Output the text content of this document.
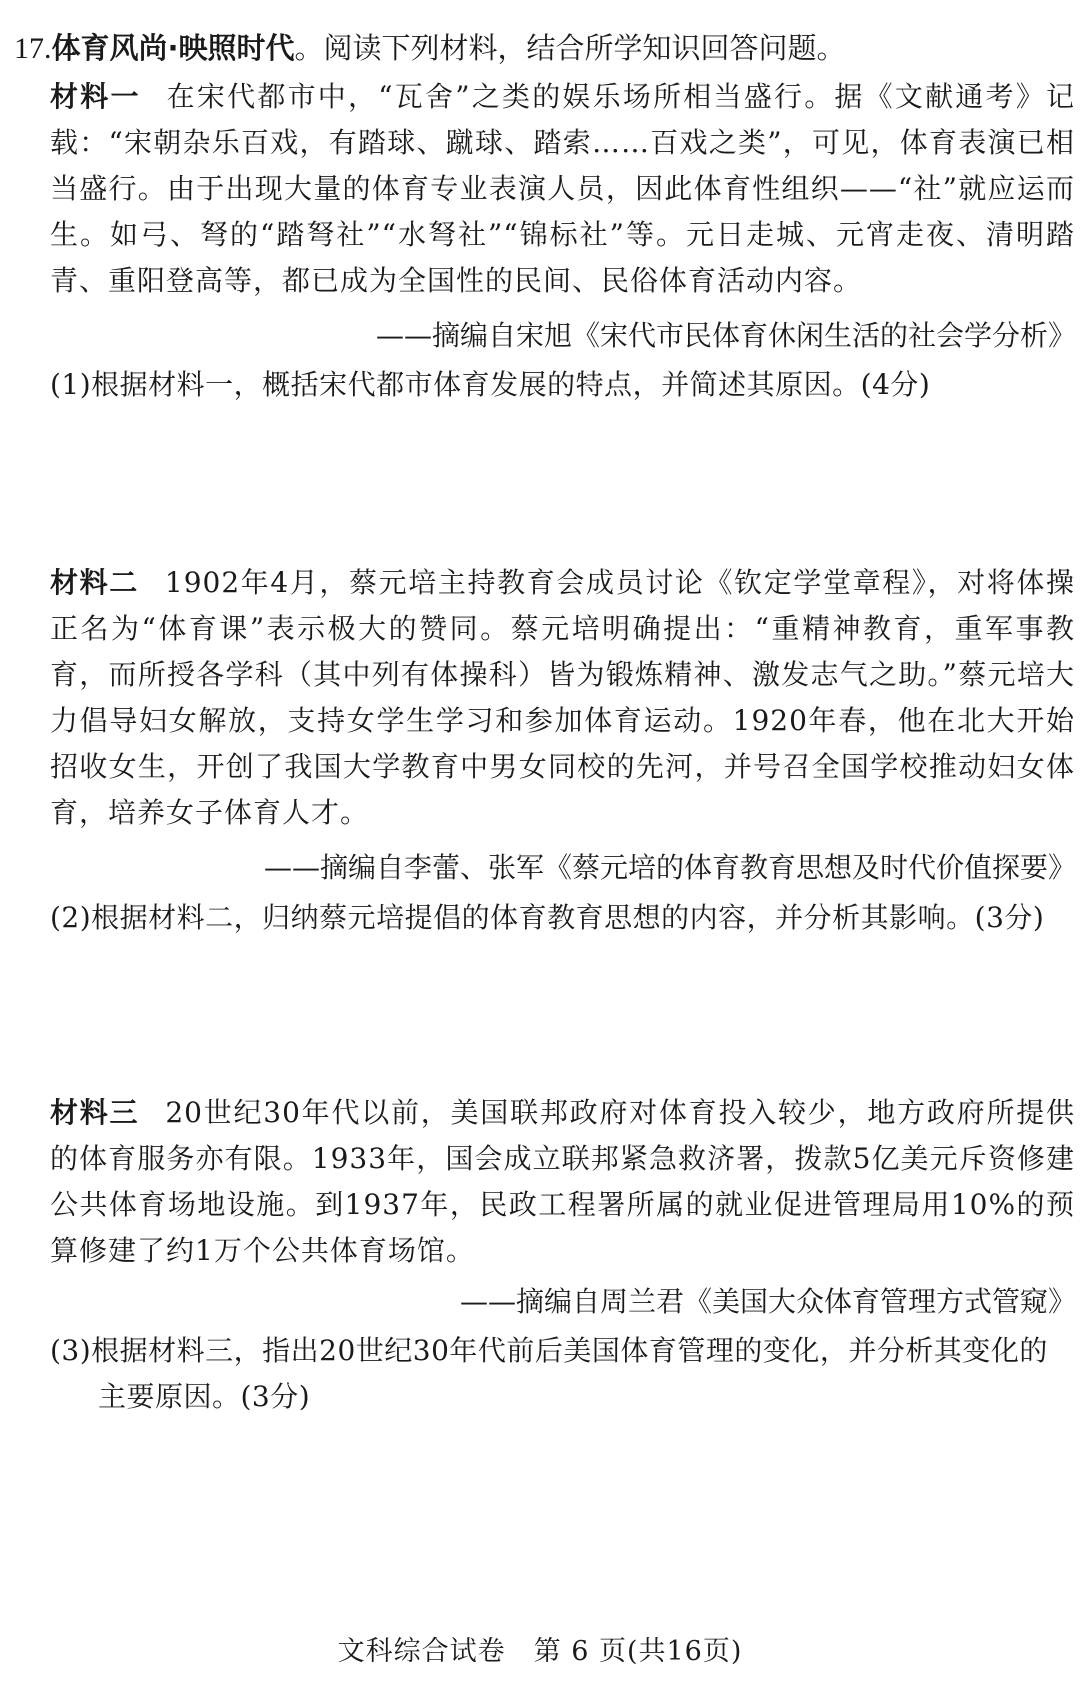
17.体育风尚·映照时代。阅读下列材料，结合所学知识回答问题。
材料一 在宋代都市中，“瓦舍”之类的娱乐场所相当盛行。据《文献通考》记载：“宋朝杂乐百戏，有踏球、蹴球、踏索……百戏之类”，可见，体育表演已相当盛行。由于出现大量的体育专业表演人员，因此体育性组织——“社”就应运而生。如弓、弩的“踏弩社”“水弩社”“锦标社”等。元日走城、元宵走夜、清明踏青、重阳登高等，都已成为全国性的民间、民俗体育活动内容。
——摘编自宋旭《宋代市民体育休闲生活的社会学分析》
(1)根据材料一，概括宋代都市体育发展的特点，并简述其原因。(4分)
材料二 1902年4月，蔡元培主持教育会成员讨论《钦定学堂章程》，对将体操正名为“体育课”表示极大的赞同。蔡元培明确提出：“重精神教育，重军事教育，而所授各学科（其中列有体操科）皆为锻炼精神、激发志气之助。”蔡元培大力倡导妇女解放，支持女学生学习和参加体育运动。1920年春，他在北大开始招收女生，开创了我国大学教育中男女同校的先河，并号召全国学校推动妇女体育，培养女子体育人才。
——摘编自李蕾、张军《蔡元培的体育教育思想及时代价值探要》
(2)根据材料二，归纳蔡元培提倡的体育教育思想的内容，并分析其影响。(3分)
材料三 20世纪30年代以前，美国联邦政府对体育投入较少，地方政府所提供的体育服务亦有限。1933年，国会成立联邦紧急救济署，拨款5亿美元斥资修建公共体育场地设施。到1937年，民政工程署所属的就业促进管理局用10%的预算修建了约1万个公共体育场馆。
——摘编自周兰君《美国大众体育管理方式管窥》
(3)根据材料三，指出20世纪30年代前后美国体育管理的变化，并分析其变化的
主要原因。(3分)
文科综合试卷　第 6 页(共16页)
